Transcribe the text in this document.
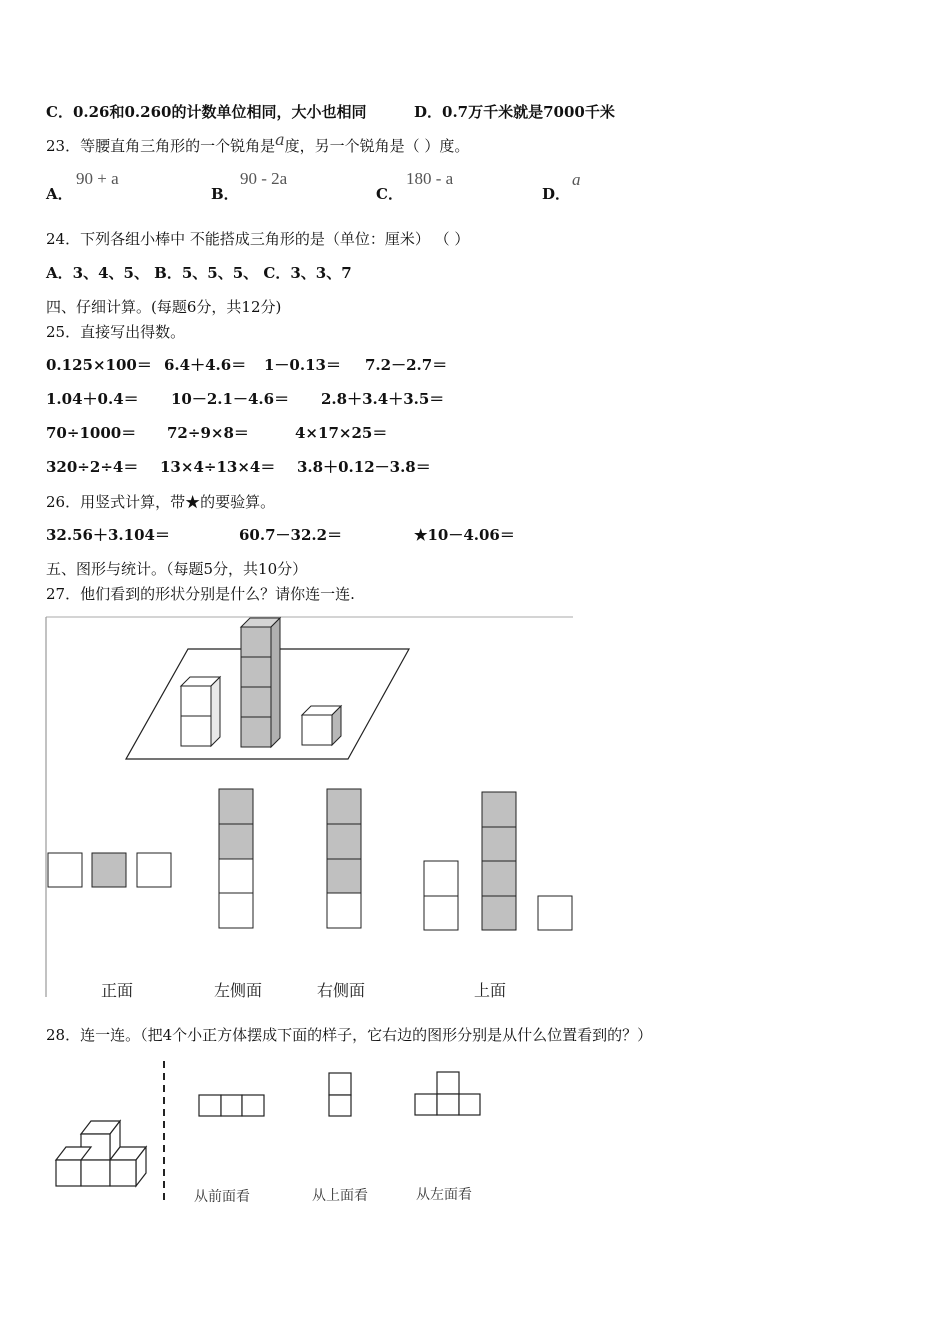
C．0.26和0.260的计数单位相同，大小也相同	D．0.7万千米就是7000千米
23．等腰直角三角形的一个锐角是a度，另一个锐角是（ ）度。
A．
90 + a
B．
90 - 2a
C．
180 - a
D．
a
24．下列各组小棒中 不能搭成三角形的是（单位：厘米） （ ）
A．3、4、5、 B．5、5、5、 C．3、3、7
四、仔细计算。(每题6分，共12分)
25．直接写出得数。
0.125×100＝ 6.4＋4.6＝ 1－0.13＝ 7.2－2.7＝
1.04＋0.4＝ 10－2.1－4.6＝ 2.8＋3.4＋3.5＝
70÷1000＝ 72÷9×8＝	4×17×25＝
320÷2÷4＝ 13×4÷13×4＝ 3.8＋0.12－3.8＝
26．用竖式计算，带★的要验算。
32.56＋3.104＝	60.7－32.2＝	★10－4.06＝
五、图形与统计。（每题5分，共10分）
27．他们看到的形状分别是什么？请你连一连.
正面	左侧面	右侧面	上面
28．连一连。（把4个小正方体摆成下面的样子，它右边的图形分别是从什么位置看到的？）
从前面看	从上面看	从左面看
